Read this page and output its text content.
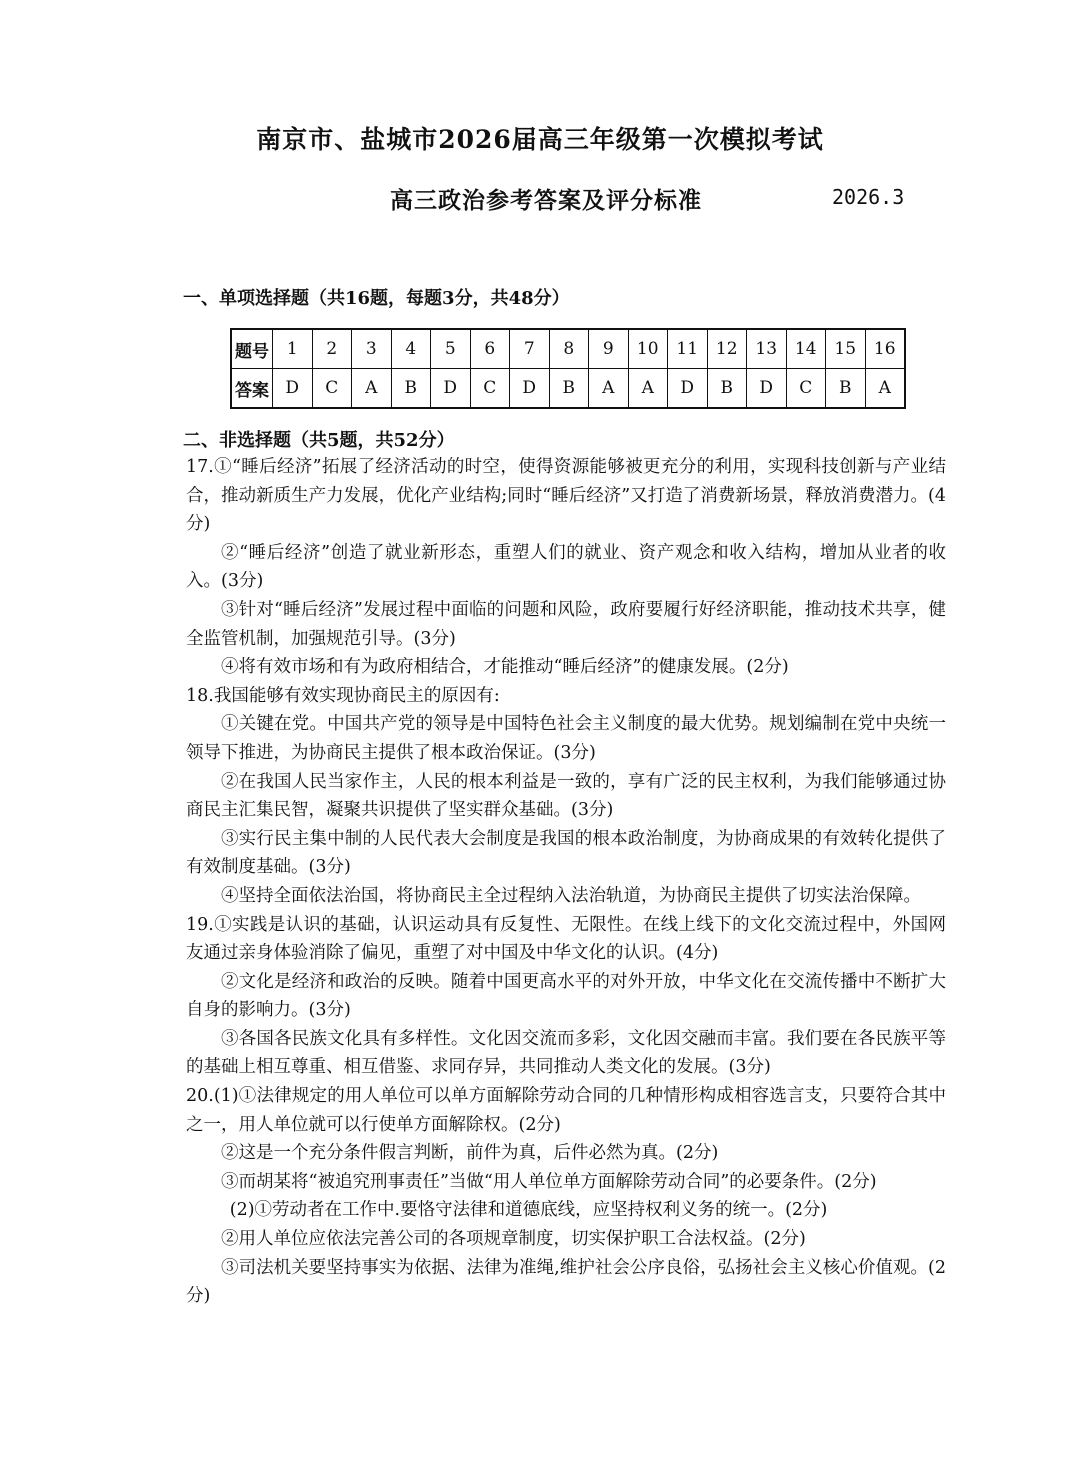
南京市、盐城市2026届高三年级第一次模拟考试
高三政治参考答案及评分标准	2026.3
一、单项选择题（共16题，每题3分，共48分）
题号	1	2	3	4	5	6	7	8	9	10	11	12	13	14	15	16
答案	D	C	A	B	D	C	D	B	A	A	D	B	D	C	B	A
二、非选择题（共5题，共52分）

17.①“睡后经济”拓展了经济活动的时空，使得资源能够被更充分的利用，实现科技创新与产业结合，推动新质生产力发展，优化产业结构;同时“睡后经济”又打造了消费新场景，释放消费潜力。(4分)

②“睡后经济”创造了就业新形态，重塑人们的就业、资产观念和收入结构，增加从业者的收入。(3分)

③针对“睡后经济”发展过程中面临的问题和风险，政府要履行好经济职能，推动技术共享，健全监管机制，加强规范引导。(3分)

④将有效市场和有为政府相结合，才能推动“睡后经济”的健康发展。(2分)

18.我国能够有效实现协商民主的原因有:

①关键在党。中国共产党的领导是中国特色社会主义制度的最大优势。规划编制在党中央统一领导下推进，为协商民主提供了根本政治保证。(3分)

②在我国人民当家作主，人民的根本利益是一致的，享有广泛的民主权利，为我们能够通过协商民主汇集民智，凝聚共识提供了坚实群众基础。(3分)

③实行民主集中制的人民代表大会制度是我国的根本政治制度，为协商成果的有效转化提供了有效制度基础。(3分)

④坚持全面依法治国，将协商民主全过程纳入法治轨道，为协商民主提供了切实法治保障。

19.①实践是认识的基础，认识运动具有反复性、无限性。在线上线下的文化交流过程中，外国网友通过亲身体验消除了偏见，重塑了对中国及中华文化的认识。(4分)

②文化是经济和政治的反映。随着中国更高水平的对外开放，中华文化在交流传播中不断扩大自身的影响力。(3分)

③各国各民族文化具有多样性。文化因交流而多彩，文化因交融而丰富。我们要在各民族平等的基础上相互尊重、相互借鉴、求同存异，共同推动人类文化的发展。(3分)

20.(1)①法律规定的用人单位可以单方面解除劳动合同的几种情形构成相容选言支，只要符合其中之一，用人单位就可以行使单方面解除权。(2分)

②这是一个充分条件假言判断，前件为真，后件必然为真。(2分)

③而胡某将“被追究刑事责任”当做“用人单位单方面解除劳动合同”的必要条件。(2分)

(2)①劳动者在工作中.要恪守法律和道德底线，应坚持权利义务的统一。(2分)

②用人单位应依法完善公司的各项规章制度，切实保护职工合法权益。(2分)

③司法机关要坚持事实为依据、法律为准绳,维护社会公序良俗，弘扬社会主义核心价值观。(2分)
